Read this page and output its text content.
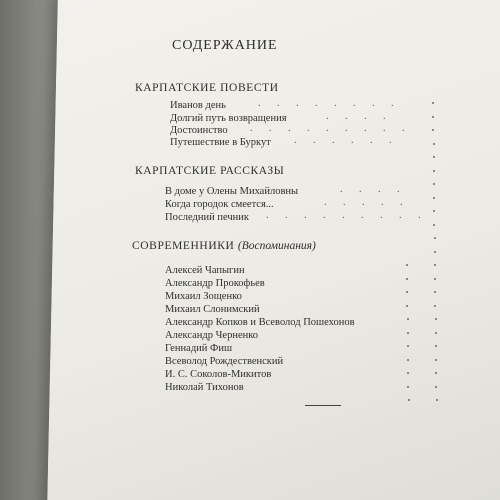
СОДЕРЖАНИЕ
КАРПАТСКИЕ ПОВЕСТИ
Иванов день	. . . . . . . .
Долгий путь возвращения	. . . .
Достоинство . . . . . . . . .
Путешествие в Буркут . . . . . .
КАРПАТСКИЕ РАССКАЗЫ
В доме у Олены Михайловны	. . . .
Когда городок смеется...	. . . . .
Последний печник . . . . . . . . .
СОВРЕМЕННИКИ (Воспоминания)
Алексей Чапыгин
Александр Прокофьев
Михаил Зощенко
Михаил Слонимский
Александр Копков и Всеволод Пошехонов
Александр Черненко
Геннадий Фиш
Всеволод Рождественский
И. С. Соколов-Микитов
Николай Тихонов
